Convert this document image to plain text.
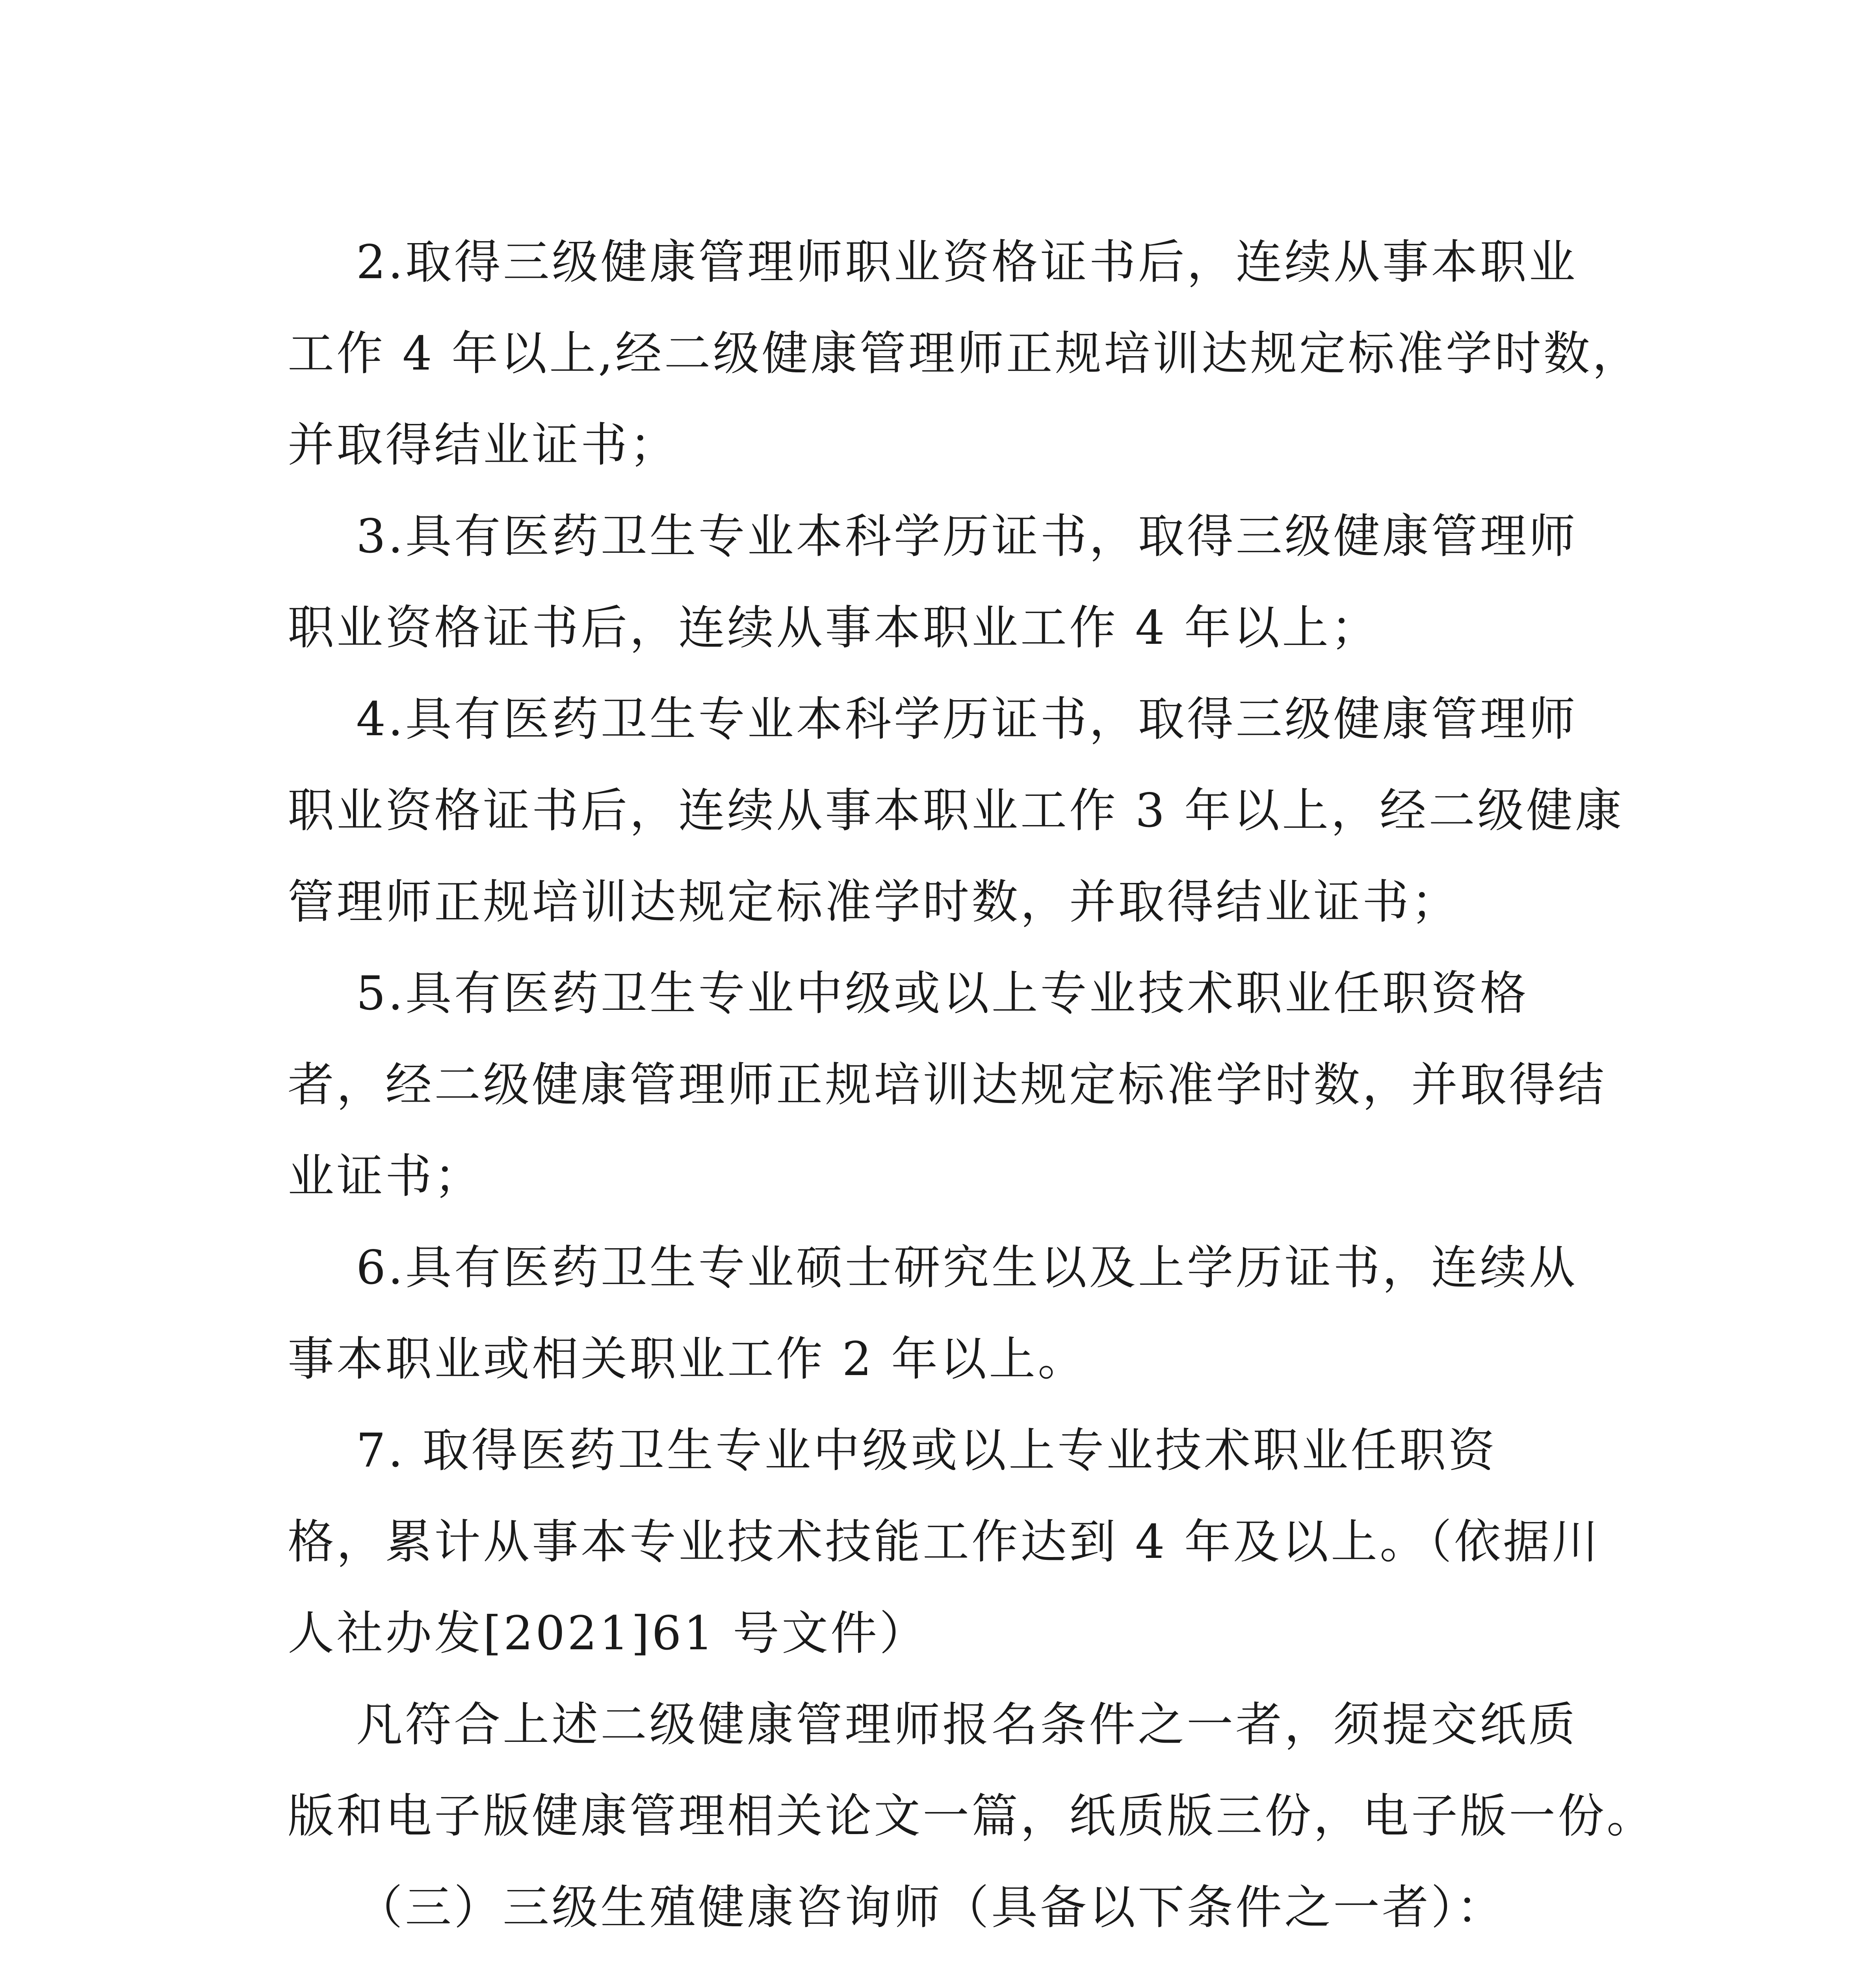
2.取得三级健康管理师职业资格证书后，连续从事本职业
工作 4 年以上,经二级健康管理师正规培训达规定标准学时数，
并取得结业证书；
3.具有医药卫生专业本科学历证书，取得三级健康管理师
职业资格证书后，连续从事本职业工作 4 年以上；
4.具有医药卫生专业本科学历证书，取得三级健康管理师
职业资格证书后，连续从事本职业工作 3 年以上，经二级健康
管理师正规培训达规定标准学时数，并取得结业证书；
5.具有医药卫生专业中级或以上专业技术职业任职资格
者，经二级健康管理师正规培训达规定标准学时数，并取得结
业证书；
6.具有医药卫生专业硕士研究生以及上学历证书，连续从
事本职业或相关职业工作 2 年以上。
7. 取得医药卫生专业中级或以上专业技术职业任职资
格，累计从事本专业技术技能工作达到 4 年及以上。（依据川
人社办发[2021]61 号文件）
凡符合上述二级健康管理师报名条件之一者，须提交纸质
版和电子版健康管理相关论文一篇，纸质版三份，电子版一份。
（三）三级生殖健康咨询师（具备以下条件之一者）：
